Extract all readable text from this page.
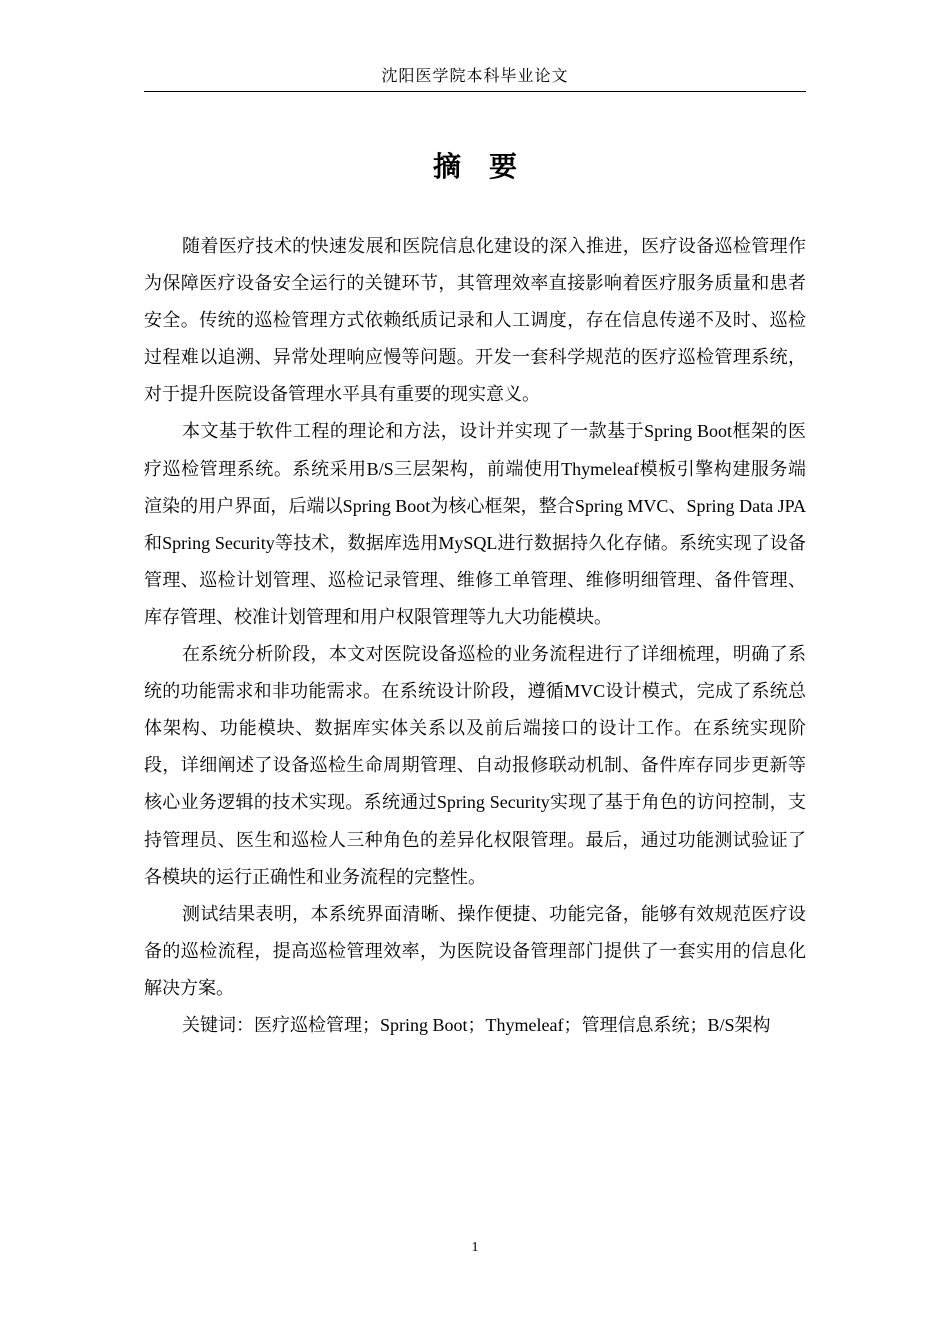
沈阳医学院本科毕业论文
摘要

随着医疗技术的快速发展和医院信息化建设的深入推进，医疗设备巡检管理作为保障医疗设备安全运行的关键环节，其管理效率直接影响着医疗服务质量和患者安全。传统的巡检管理方式依赖纸质记录和人工调度，存在信息传递不及时、巡检过程难以追溯、异常处理响应慢等问题。开发一套科学规范的医疗巡检管理系统，对于提升医院设备管理水平具有重要的现实意义。

本文基于软件工程的理论和方法，设计并实现了一款基于Spring Boot框架的医疗巡检管理系统。系统采用B/S三层架构，前端使用Thymeleaf模板引擎构建服务端渲染的用户界面，后端以Spring Boot为核心框架，整合Spring MVC、Spring Data JPA和Spring Security等技术，数据库选用MySQL进行数据持久化存储。系统实现了设备管理、巡检计划管理、巡检记录管理、维修工单管理、维修明细管理、备件管理、库存管理、校准计划管理和用户权限管理等九大功能模块。

在系统分析阶段，本文对医院设备巡检的业务流程进行了详细梳理，明确了系统的功能需求和非功能需求。在系统设计阶段，遵循MVC设计模式，完成了系统总体架构、功能模块、数据库实体关系以及前后端接口的设计工作。在系统实现阶段，详细阐述了设备巡检生命周期管理、自动报修联动机制、备件库存同步更新等核心业务逻辑的技术实现。系统通过Spring Security实现了基于角色的访问控制，支持管理员、医生和巡检人三种角色的差异化权限管理。最后，通过功能测试验证了各模块的运行正确性和业务流程的完整性。

测试结果表明，本系统界面清晰、操作便捷、功能完备，能够有效规范医疗设备的巡检流程，提高巡检管理效率，为医院设备管理部门提供了一套实用的信息化解决方案。

关键词：医疗巡检管理；Spring Boot；Thymeleaf；管理信息系统；B/S架构

1
